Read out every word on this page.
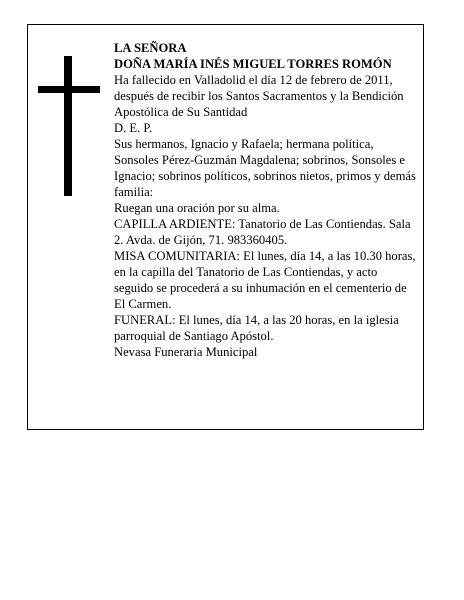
LA SEÑORA

DOÑA MARÍA INÉS MIGUEL TORRES ROMÓN

Ha fallecido en Valladolid el día 12 de febrero de 2011, después de recibir los Santos Sacramentos y la Bendición Apostólica de Su Santidad

D. E. P.

Sus hermanos, Ignacio y Rafaela; hermana política, Sonsoles Pérez-Guzmán Magdalena; sobrinos, Sonsoles e Ignacio; sobrinos políticos, sobrinos nietos, primos y demás familia:

Ruegan una oración por su alma.

CAPILLA ARDIENTE: Tanatorio de Las Contiendas. Sala 2. Avda. de Gijón, 71. 983360405.

MISA COMUNITARIA: El lunes, día 14, a las 10.30 horas, en la capilla del Tanatorio de Las Contiendas, y acto seguido se procederá a su inhumación en el cementerio de El Carmen.

FUNERAL: El lunes, día 14, a las 20 horas, en la iglesia parroquial de Santiago Apóstol.

Nevasa Funeraria Municipal
